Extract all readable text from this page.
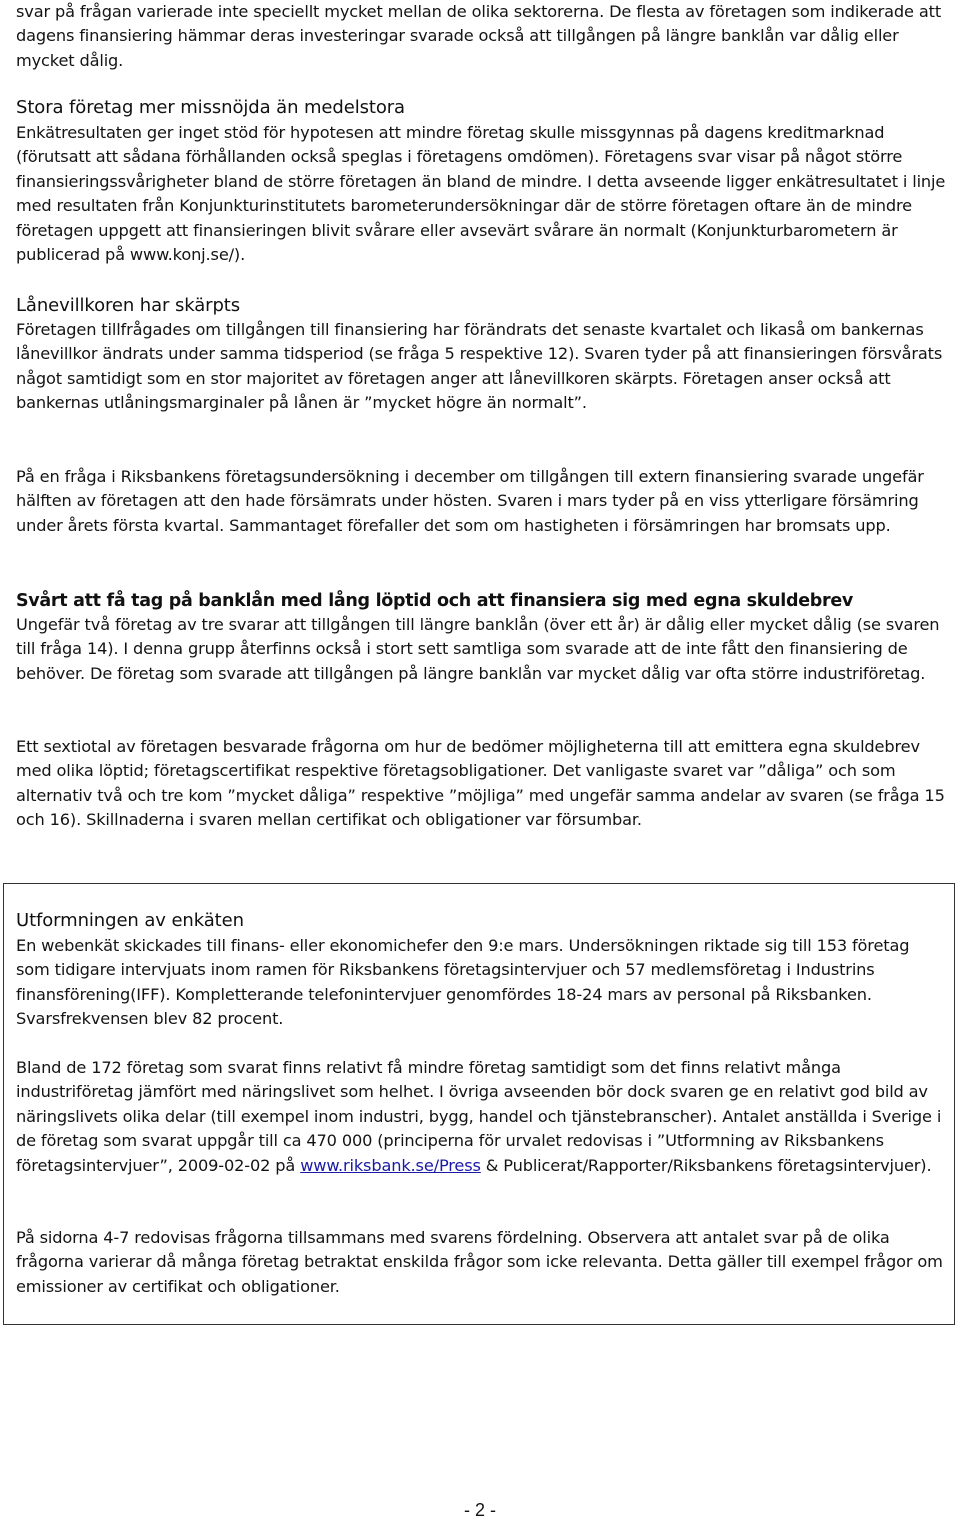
svar på frågan varierade inte speciellt mycket mellan de olika sektorerna. De flesta av företagen som indikerade att dagens finansiering hämmar deras investeringar svarade också att tillgången på längre banklån var dålig eller mycket dålig.

Stora företag mer missnöjda än medelstora

Enkätresultaten ger inget stöd för hypotesen att mindre företag skulle missgynnas på dagens kreditmarknad (förutsatt att sådana förhållanden också speglas i företagens omdömen). Företagens svar visar på något större finansieringssvårigheter bland de större företagen än bland de mindre. I detta avseende ligger enkätresultatet i linje med resultaten från Konjunkturinstitutets barometerundersökningar där de större företagen oftare än de mindre företagen uppgett att finansieringen blivit svårare eller avsevärt svårare än normalt (Konjunkturbarometern är publicerad på www.konj.se/).

Lånevillkoren har skärpts

Företagen tillfrågades om tillgången till finansiering har förändrats det senaste kvartalet och likaså om bankernas lånevillkor ändrats under samma tidsperiod (se fråga 5 respektive 12). Svaren tyder på att finansieringen försvårats något samtidigt som en stor majoritet av företagen anger att lånevillkoren skärpts. Företagen anser också att bankernas utlåningsmarginaler på lånen är ”mycket högre än normalt”.

På en fråga i Riksbankens företagsundersökning i december om tillgången till extern finansiering svarade ungefär hälften av företagen att den hade försämrats under hösten. Svaren i mars tyder på en viss ytterligare försämring under årets första kvartal. Sammantaget förefaller det som om hastigheten i försämringen har bromsats upp.

Svårt att få tag på banklån med lång löptid och att finansiera sig med egna skuldebrev

Ungefär två företag av tre svarar att tillgången till längre banklån (över ett år) är dålig eller mycket dålig (se svaren till fråga 14). I denna grupp återfinns också i stort sett samtliga som svarade att de inte fått den finansiering de behöver. De företag som svarade att tillgången på längre banklån var mycket dålig var ofta större industriföretag.

Ett sextiotal av företagen besvarade frågorna om hur de bedömer möjligheterna till att emittera egna skuldebrev med olika löptid; företagscertifikat respektive företagsobligationer. Det vanligaste svaret var ”dåliga” och som alternativ två och tre kom ”mycket dåliga” respektive ”möjliga” med ungefär samma andelar av svaren (se fråga 15 och 16). Skillnaderna i svaren mellan certifikat och obligationer var försumbar.

Utformningen av enkäten

En webenkät skickades till finans- eller ekonomichefer den 9:e mars. Undersökningen riktade sig till 153 företag som tidigare intervjuats inom ramen för Riksbankens företagsintervjuer och 57 medlemsföretag i Industrins finansförening(IFF). Kompletterande telefonintervjuer genomfördes 18-24 mars av personal på Riksbanken. Svarsfrekvensen blev 82 procent.

Bland de 172 företag som svarat finns relativt få mindre företag samtidigt som det finns relativt många industriföretag jämfört med näringslivet som helhet. I övriga avseenden bör dock svaren ge en relativt god bild av näringslivets olika delar (till exempel inom industri, bygg, handel och tjänstebranscher). Antalet anställda i Sverige i de företag som svarat uppgår till ca 470 000 (principerna för urvalet redovisas i ”Utformning av Riksbankens företagsintervjuer”, 2009-02-02 på www.riksbank.se/Press & Publicerat/Rapporter/Riksbankens företagsintervjuer).

På sidorna 4-7 redovisas frågorna tillsammans med svarens fördelning. Observera att antalet svar på de olika frågorna varierar då många företag betraktat enskilda frågor som icke relevanta. Detta gäller till exempel frågor om emissioner av certifikat och obligationer.

- 2 -
